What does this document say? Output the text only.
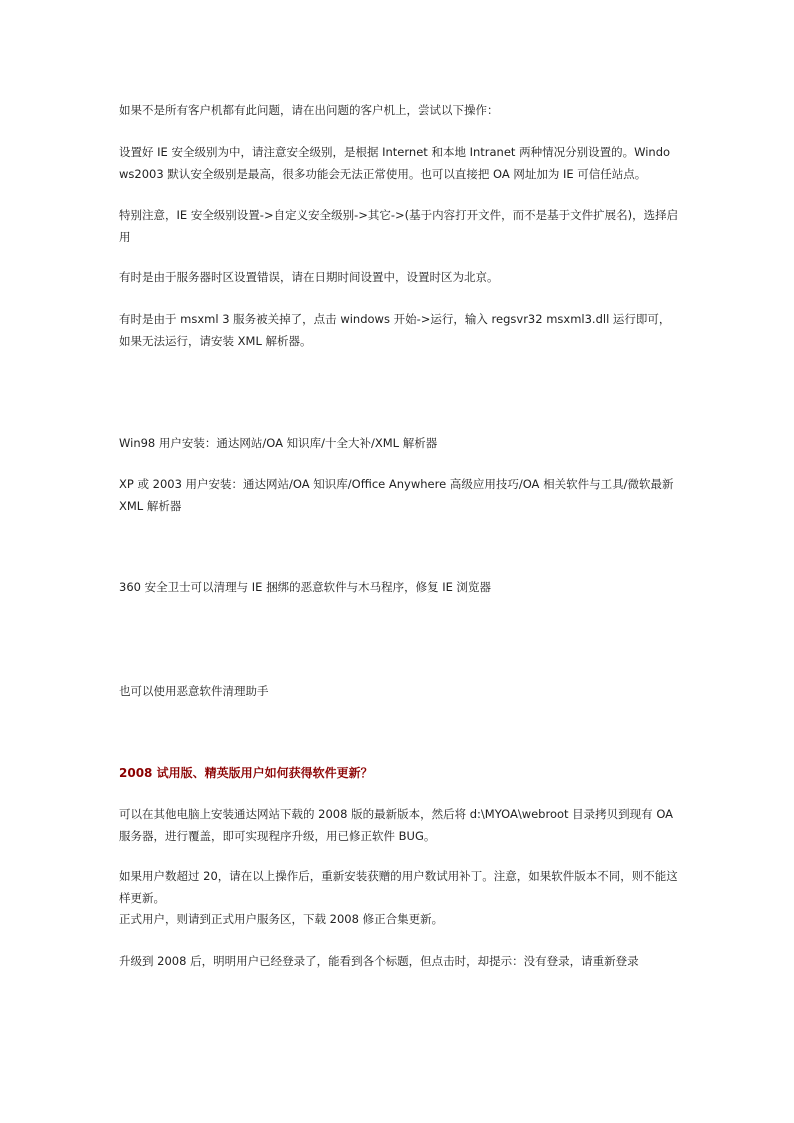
如果不是所有客户机都有此问题，请在出问题的客户机上，尝试以下操作：
设置好 IE 安全级别为中，请注意安全级别，是根据 Internet 和本地 Intranet 两种情况分别设置的。Windows2003 默认安全级别是最高，很多功能会无法正常使用。也可以直接把 OA 网址加为 IE 可信任站点。
特别注意，IE 安全级别设置->自定义安全级别->其它->(基于内容打开文件，而不是基于文件扩展名)，选择启用
有时是由于服务器时区设置错误，请在日期时间设置中，设置时区为北京。
有时是由于 msxml 3 服务被关掉了，点击 windows 开始->运行，输入 regsvr32 msxml3.dll 运行即可，如果无法运行，请安装 XML 解析器。
Win98 用户安装：通达网站/OA 知识库/十全大补/XML 解析器
XP 或 2003 用户安装：通达网站/OA 知识库/Office Anywhere 高级应用技巧/OA 相关软件与工具/微软最新 XML 解析器
360 安全卫士可以清理与 IE 捆绑的恶意软件与木马程序，修复 IE 浏览器
也可以使用恶意软件清理助手
2008 试用版、精英版用户如何获得软件更新？
可以在其他电脑上安装通达网站下载的 2008 版的最新版本，然后将 d:\MYOA\webroot 目录拷贝到现有 OA 服务器，进行覆盖，即可实现程序升级，用已修正软件 BUG。
如果用户数超过 20，请在以上操作后，重新安装获赠的用户数试用补丁。注意，如果软件版本不同，则不能这样更新。
正式用户，则请到正式用户服务区，下载 2008 修正合集更新。
升级到 2008 后，明明用户已经登录了，能看到各个标题，但点击时，却提示：没有登录，请重新登录
